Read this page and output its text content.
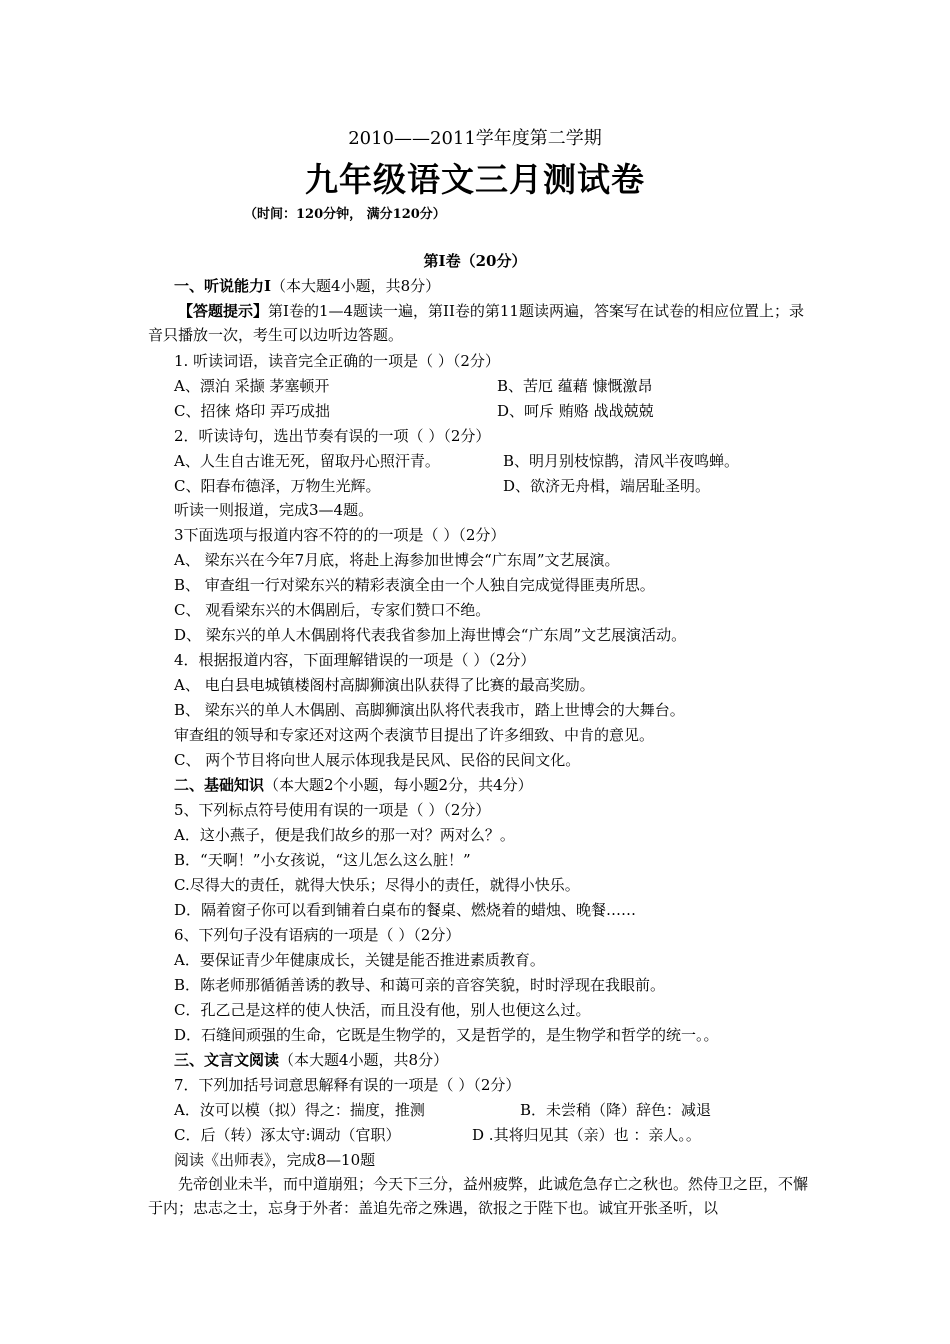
2010——2011学年度第二学期
九年级语文三月测试卷
（时间：120分钟， 满分120分）
第I卷（20分）
一、听说能力I（本大题4小题，共8分）
【答题提示】第I卷的1—4题读一遍，第II卷的第11题读两遍，答案写在试卷的相应位置上；录音只播放一次，考生可以边听边答题。
1. 听读词语，读音完全正确的一项是（ ）（2分）
A、漂泊 采撷 茅塞顿开	B、苦厄 蕴藉 慷慨激昂
C、招徕 烙印 弄巧成拙	D、呵斥 贿赂 战战兢兢
2．听读诗句，选出节奏有误的一项（ ）（2分）
A、人生自古谁无死，留取丹心照汗青。	B、明月别枝惊鹊，清风半夜鸣蝉。
C、阳春布德泽，万物生光辉。	D、欲济无舟楫，端居耻圣明。
听读一则报道，完成3—4题。
3下面选项与报道内容不符的的一项是（ ）（2分）
A、 梁东兴在今年7月底，将赴上海参加世博会“广东周”文艺展演。
B、 审查组一行对梁东兴的精彩表演全由一个人独自完成觉得匪夷所思。
C、 观看梁东兴的木偶剧后，专家们赞口不绝。
D、 梁东兴的单人木偶剧将代表我省参加上海世博会“广东周”文艺展演活动。
4．根据报道内容，下面理解错误的一项是（ ）（2分）
A、 电白县电城镇楼阁村高脚狮演出队获得了比赛的最高奖励。
B、 梁东兴的单人木偶剧、高脚狮演出队将代表我市，踏上世博会的大舞台。
审查组的领导和专家还对这两个表演节目提出了许多细致、中肯的意见。
C、 两个节目将向世人展示体现我是民风、民俗的民间文化。
二、基础知识（本大题2个小题，每小题2分，共4分）
5、下列标点符号使用有误的一项是（ ）（2分）
A．这小燕子，便是我们故乡的那一对？两对么？。
B．“天啊！”小女孩说，“这儿怎么这么脏！”
C.尽得大的责任，就得大快乐；尽得小的责任，就得小快乐。
D．隔着窗子你可以看到铺着白桌布的餐桌、燃烧着的蜡烛、晚餐……
6、下列句子没有语病的一项是（ ）（2分）
A．要保证青少年健康成长，关键是能否推进素质教育。
B．陈老师那循循善诱的教导、和蔼可亲的音容笑貌，时时浮现在我眼前。
C．孔乙己是这样的使人快活，而且没有他，别人也便这么过。
D．石缝间顽强的生命，它既是生物学的，又是哲学的，是生物学和哲学的统一。。
三、文言文阅读（本大题4小题，共8分）
7．下列加括号词意思解释有误的一项是（ ）（2分）
A．汝可以模（拟）得之：揣度，推测	B．未尝稍（降）辞色：减退
C．后（转）涿太守:调动（官职）	D .其将归见其（亲）也 ：亲人。。
阅读《出师表》，完成8—10题
先帝创业未半，而中道崩殂；今天下三分，益州疲弊，此诚危急存亡之秋也。然侍卫之臣，不懈于内；忠志之士，忘身于外者：盖追先帝之殊遇，欲报之于陛下也。诚宜开张圣听，以
